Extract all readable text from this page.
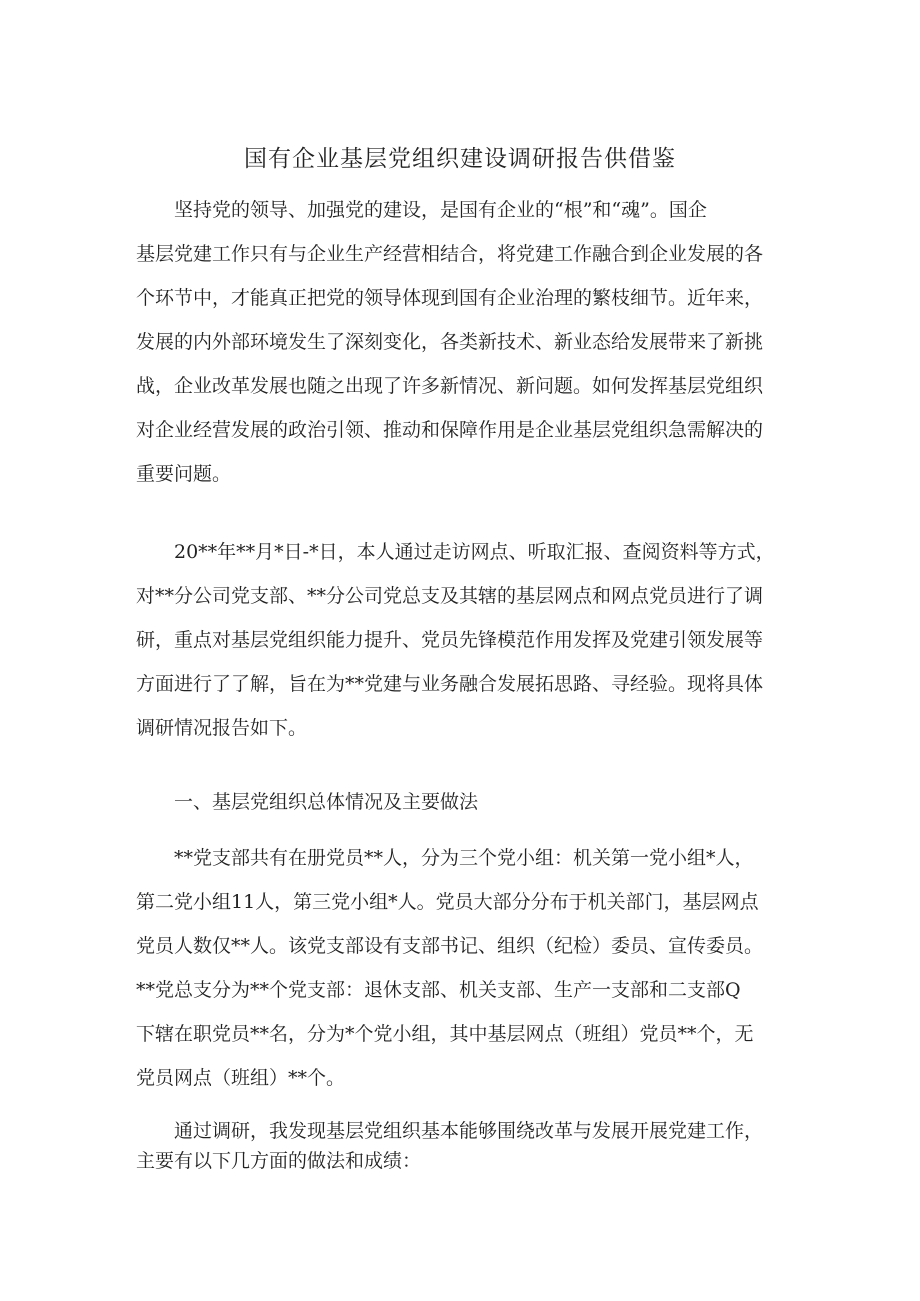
国有企业基层党组织建设调研报告供借鉴
　　坚持党的领导、加强党的建设，是国有企业的“根”和“魂”。国企
基层党建工作只有与企业生产经营相结合，将党建工作融合到企业发展的各
个环节中，才能真正把党的领导体现到国有企业治理的繁枝细节。近年来，
发展的内外部环境发生了深刻变化，各类新技术、新业态给发展带来了新挑
战，企业改革发展也随之出现了许多新情况、新问题。如何发挥基层党组织
对企业经营发展的政治引领、推动和保障作用是企业基层党组织急需解决的
重要问题。
　　20**年**月*日-*日，本人通过走访网点、听取汇报、查阅资料等方式，
对**分公司党支部、**分公司党总支及其辖的基层网点和网点党员进行了调
研，重点对基层党组织能力提升、党员先锋模范作用发挥及党建引领发展等
方面进行了了解，旨在为**党建与业务融合发展拓思路、寻经验。现将具体
调研情况报告如下。
　　一、基层党组织总体情况及主要做法
　　**党支部共有在册党员**人，分为三个党小组：机关第一党小组*人，
第二党小组11人，第三党小组*人。党员大部分分布于机关部门，基层网点
党员人数仅**人。该党支部设有支部书记、组织（纪检）委员、宣传委员。
**党总支分为**个党支部：退休支部、机关支部、生产一支部和二支部Q
下辖在职党员**名，分为*个党小组，其中基层网点（班组）党员**个，无
党员网点（班组）**个。
　　通过调研，我发现基层党组织基本能够围绕改革与发展开展党建工作，
主要有以下几方面的做法和成绩：
